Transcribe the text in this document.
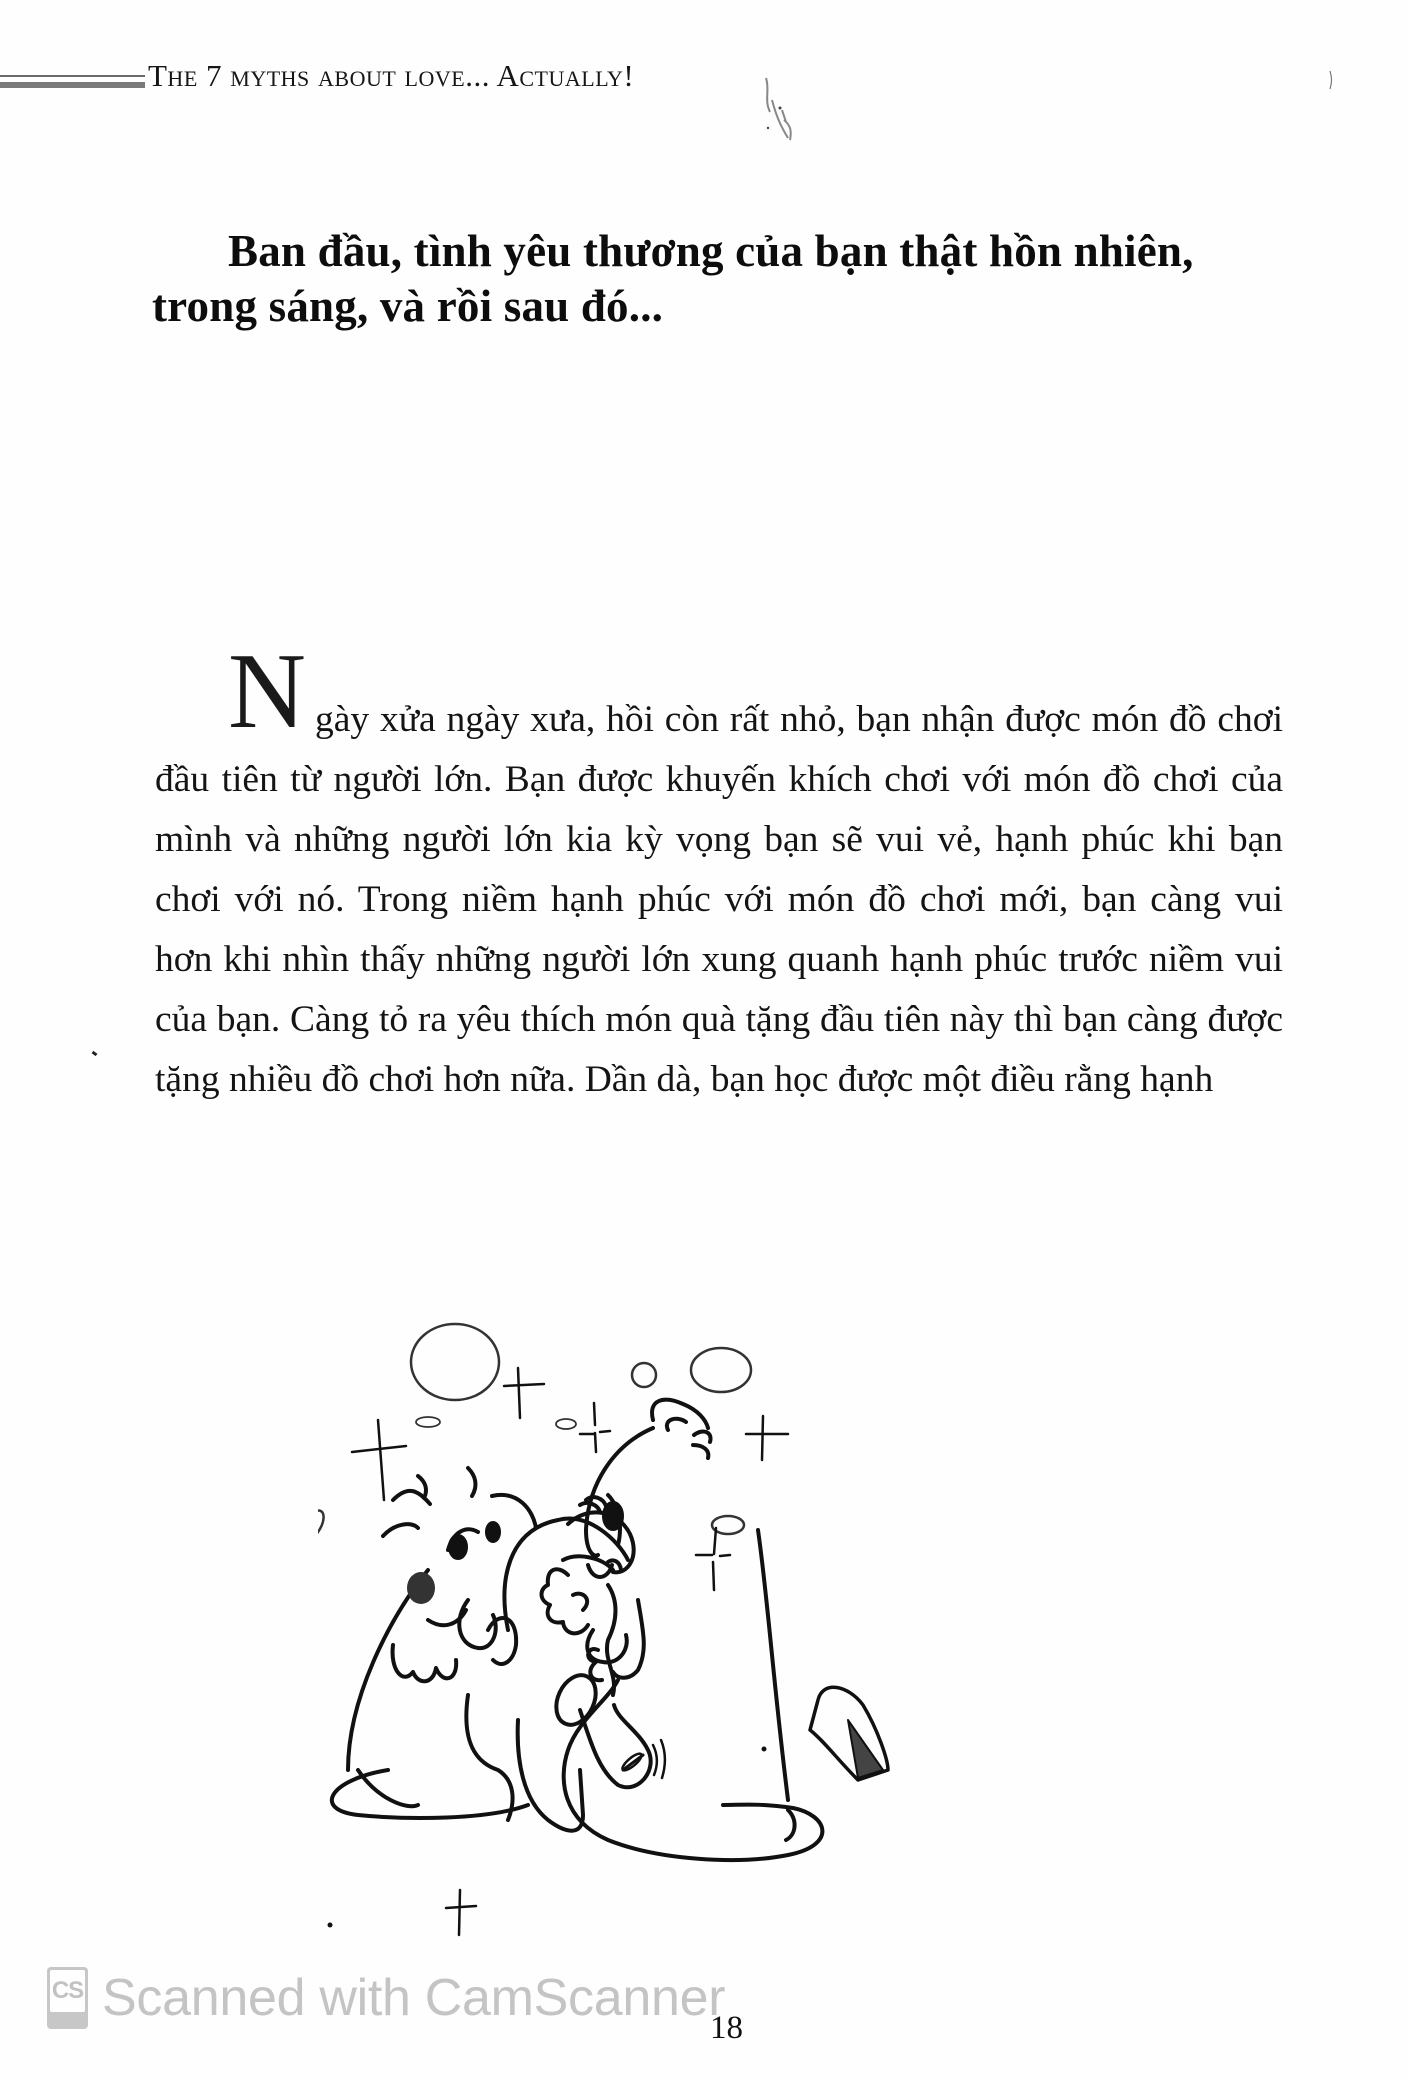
The 7 myths about love... Actually!
Ban đầu, tình yêu thương của bạn thật hồn nhiên, trong sáng, và rồi sau đó...
N gày xửa ngày xưa, hồi còn rất nhỏ, bạn nhận được món đồ chơi đầu tiên từ người lớn. Bạn được khuyến khích chơi với món đồ chơi của mình và những người lớn kia kỳ vọng bạn sẽ vui vẻ, hạnh phúc khi bạn chơi với nó. Trong niềm hạnh phúc với món đồ chơi mới, bạn càng vui hơn khi nhìn thấy những người lớn xung quanh hạnh phúc trước niềm vui của bạn. Càng tỏ ra yêu thích món quà tặng đầu tiên này thì bạn càng được tặng nhiều đồ chơi hơn nữa. Dần dà, bạn học được một điều rằng hạnh
CS Scanned with CamScanner
18
